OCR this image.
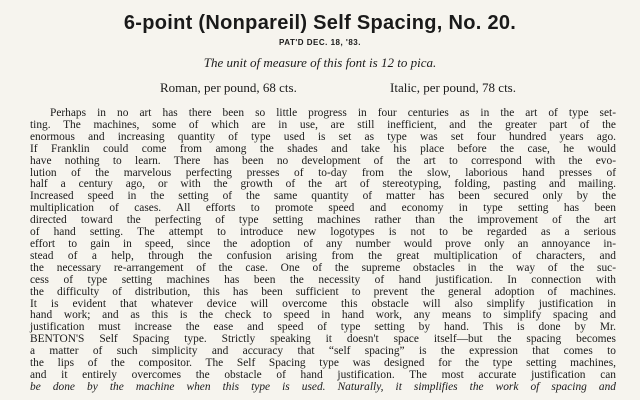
6-point (Nonpareil) Self Spacing, No. 20.
PAT'D DEC. 18, '83.
The unit of measure of this font is 12 to pica.
Roman, per pound, 68 cts.	Italic, per pound, 78 cts.
Perhaps in no art has there been so little progress in four centuries as in the art of type set-
ting. The machines, some of which are in use, are still inefficient, and the greater part of the
enormous and increasing quantity of type used is set as type was set four hundred years ago.
If Franklin could come from among the shades and take his place before the case, he would
have nothing to learn. There has been no development of the art to correspond with the evo-
lution of the marvelous perfecting presses of to-day from the slow, laborious hand presses of
half a century ago, or with the growth of the art of stereotyping, folding, pasting and mailing.
Increased speed in the setting of the same quantity of matter has been secured only by the
multiplication of cases. All efforts to promote speed and economy in type setting has been
directed toward the perfecting of type setting machines rather than the improvement of the art
of hand setting. The attempt to introduce new logotypes is not to be regarded as a serious
effort to gain in speed, since the adoption of any number would prove only an annoyance in-
stead of a help, through the confusion arising from the great multiplication of characters, and
the necessary re-arrangement of the case. One of the supreme obstacles in the way of the suc-
cess of type setting machines has been the necessity of hand justification. In connection with
the difficulty of distribution, this has been sufficient to prevent the general adoption of machines.
It is evident that whatever device will overcome this obstacle will also simplify justification in
hand work; and as this is the check to speed in hand work, any means to simplify spacing and
justification must increase the ease and speed of type setting by hand. This is done by Mr.
BENTON'S Self Spacing type. Strictly speaking it doesn't space itself—but the spacing becomes
a matter of such simplicity and accuracy that “self spacing” is the expression that comes to
the lips of the compositor. The Self Spacing type was designed for the type setting machines,
and it entirely overcomes the obstacle of hand justification. The most accurate justification can
be done by the machine when this type is used. Naturally, it simplifies the work of spacing and
